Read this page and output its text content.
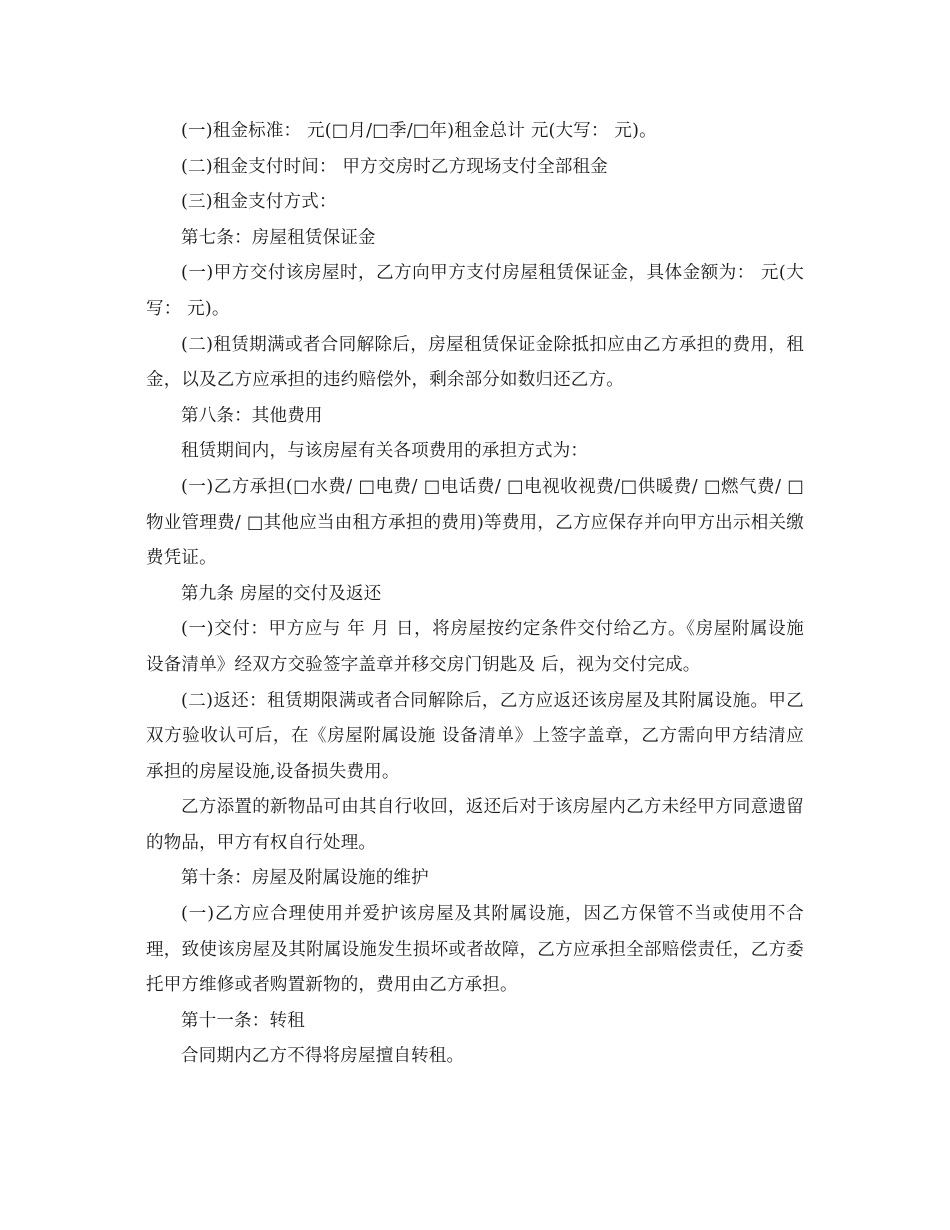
(一)租金标准： 元(□月/□季/□年)租金总计 元(大写： 元)。

(二)租金支付时间： 甲方交房时乙方现场支付全部租金

(三)租金支付方式：

第七条：房屋租赁保证金

(一)甲方交付该房屋时，乙方向甲方支付房屋租赁保证金，具体金额为： 元(大写： 元)。

(二)租赁期满或者合同解除后，房屋租赁保证金除抵扣应由乙方承担的费用，租金，以及乙方应承担的违约赔偿外，剩余部分如数归还乙方。

第八条：其他费用

租赁期间内，与该房屋有关各项费用的承担方式为：

(一)乙方承担(□水费/ □电费/ □电话费/ □电视收视费/□供暖费/ □燃气费/ □物业管理费/ □其他应当由租方承担的费用)等费用，乙方应保存并向甲方出示相关缴费凭证。

第九条 房屋的交付及返还

(一)交付：甲方应与 年 月 日，将房屋按约定条件交付给乙方。《房屋附属设施 设备清单》经双方交验签字盖章并移交房门钥匙及 后，视为交付完成。

(二)返还：租赁期限满或者合同解除后，乙方应返还该房屋及其附属设施。甲乙双方验收认可后，在《房屋附属设施 设备清单》上签字盖章，乙方需向甲方结清应承担的房屋设施,设备损失费用。

乙方添置的新物品可由其自行收回，返还后对于该房屋内乙方未经甲方同意遗留的物品，甲方有权自行处理。

第十条：房屋及附属设施的维护

(一)乙方应合理使用并爱护该房屋及其附属设施，因乙方保管不当或使用不合理，致使该房屋及其附属设施发生损坏或者故障，乙方应承担全部赔偿责任，乙方委托甲方维修或者购置新物的，费用由乙方承担。

第十一条：转租

合同期内乙方不得将房屋擅自转租。
